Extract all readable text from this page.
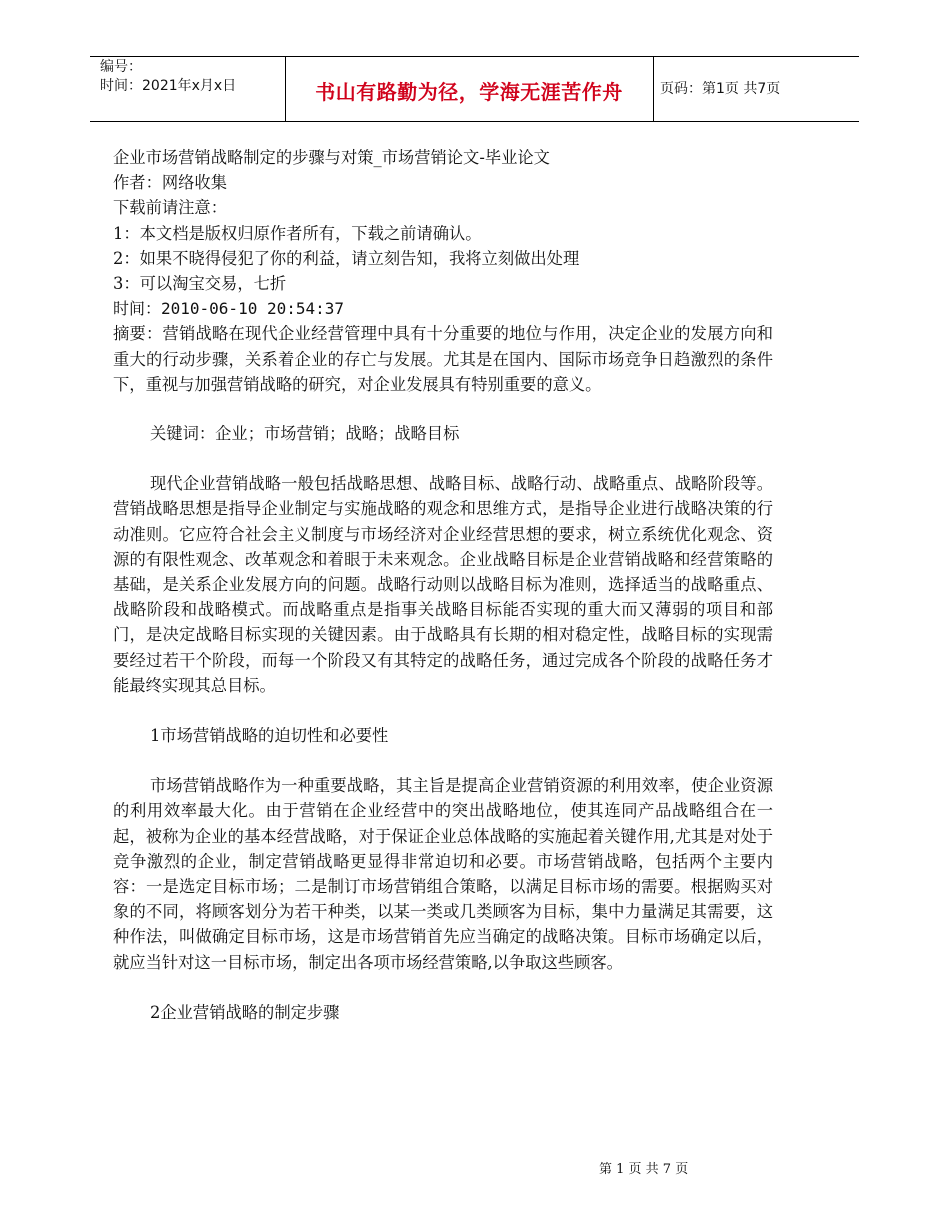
编号：
时间：2021年x月x日	书山有路勤为径，学海无涯苦作舟	页码：第1页 共7页
企业市场营销战略制定的步骤与对策_市场营销论文-毕业论文
作者：网络收集
下载前请注意：
1：本文档是版权归原作者所有，下载之前请确认。
2：如果不晓得侵犯了你的利益，请立刻告知，我将立刻做出处理
3：可以淘宝交易，七折
时间：2010-06-10 20:54:37
摘要：营销战略在现代企业经营管理中具有十分重要的地位与作用，决定企业的发展方向和重大的行动步骤，关系着企业的存亡与发展。尤其是在国内、国际市场竞争日趋激烈的条件下，重视与加强营销战略的研究，对企业发展具有特别重要的意义。
关键词：企业；市场营销；战略；战略目标
现代企业营销战略一般包括战略思想、战略目标、战略行动、战略重点、战略阶段等。营销战略思想是指导企业制定与实施战略的观念和思维方式，是指导企业进行战略决策的行动准则。它应符合社会主义制度与市场经济对企业经营思想的要求，树立系统优化观念、资源的有限性观念、改革观念和着眼于未来观念。企业战略目标是企业营销战略和经营策略的基础，是关系企业发展方向的问题。战略行动则以战略目标为准则，选择适当的战略重点、战略阶段和战略模式。而战略重点是指事关战略目标能否实现的重大而又薄弱的项目和部门，是决定战略目标实现的关键因素。由于战略具有长期的相对稳定性，战略目标的实现需要经过若干个阶段，而每一个阶段又有其特定的战略任务，通过完成各个阶段的战略任务才能最终实现其总目标。
1市场营销战略的迫切性和必要性
市场营销战略作为一种重要战略，其主旨是提高企业营销资源的利用效率，使企业资源的利用效率最大化。由于营销在企业经营中的突出战略地位，使其连同产品战略组合在一起，被称为企业的基本经营战略，对于保证企业总体战略的实施起着关键作用,尤其是对处于竞争激烈的企业，制定营销战略更显得非常迫切和必要。市场营销战略，包括两个主要内容：一是选定目标市场；二是制订市场营销组合策略，以满足目标市场的需要。根据购买对象的不同，将顾客划分为若干种类，以某一类或几类顾客为目标，集中力量满足其需要，这种作法，叫做确定目标市场，这是市场营销首先应当确定的战略决策。目标市场确定以后，就应当针对这一目标市场，制定出各项市场经营策略,以争取这些顾客。
2企业营销战略的制定步骤
第 1 页 共 7 页
